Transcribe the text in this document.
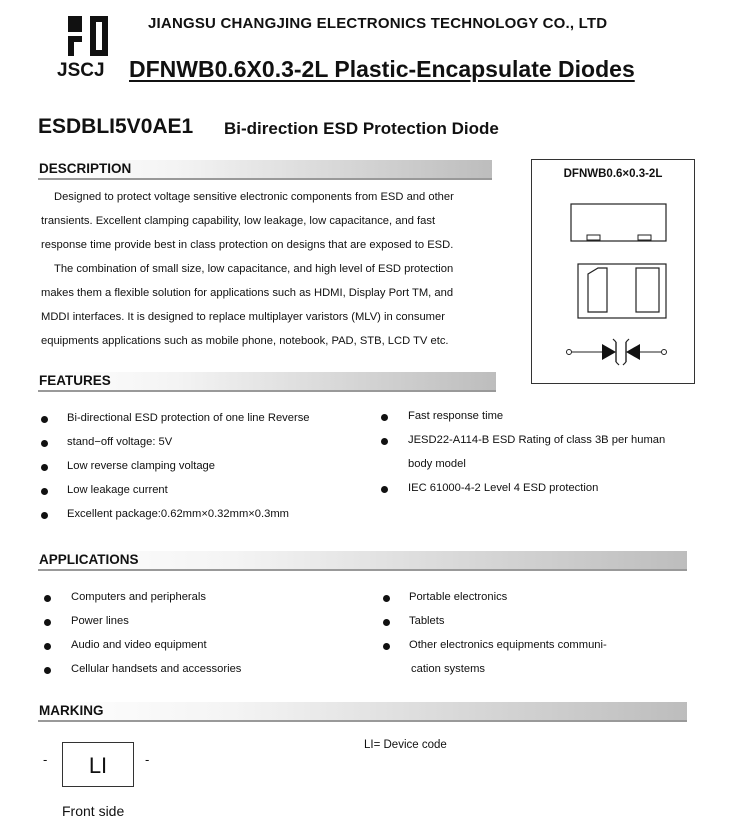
JSCJ
JIANGSU CHANGJING ELECTRONICS TECHNOLOGY CO., LTD
DFNWB0.6X0.3-2L Plastic-Encapsulate Diodes
ESDBLI5V0AE1 Bi-direction ESD Protection Diode
DESCRIPTION

Designed to protect voltage sensitive electronic components from ESD and other

transients. Excellent clamping capability, low leakage, low capacitance, and fast

response time provide best in class protection on designs that are exposed to ESD.

The combination of small size, low capacitance, and high level of ESD protection

makes them a flexible solution for applications such as HDMI, Display Port TM, and

MDDI interfaces. It is designed to replace multiplayer varistors (MLV) in consumer

equipments applications such as mobile phone, notebook, PAD, STB, LCD TV etc.

DFNWB0.6×0.3-2L
FEATURES
Bi-directional ESD protection of one line Reverse
stand−off voltage: 5V
Low reverse clamping voltage
Low leakage current
Excellent package:0.62mm×0.32mm×0.3mm
Fast response time
JESD22-A114-B ESD Rating of class 3B per human
body model
IEC 61000-4-2 Level 4 ESD protection
APPLICATIONS
Computers and peripherals
Power lines
Audio and video equipment
Cellular handsets and accessories
Portable electronics
Tablets
Other electronics equipments communi-
cation systems
MARKING
-	LI	-
LI= Device code
Front side
